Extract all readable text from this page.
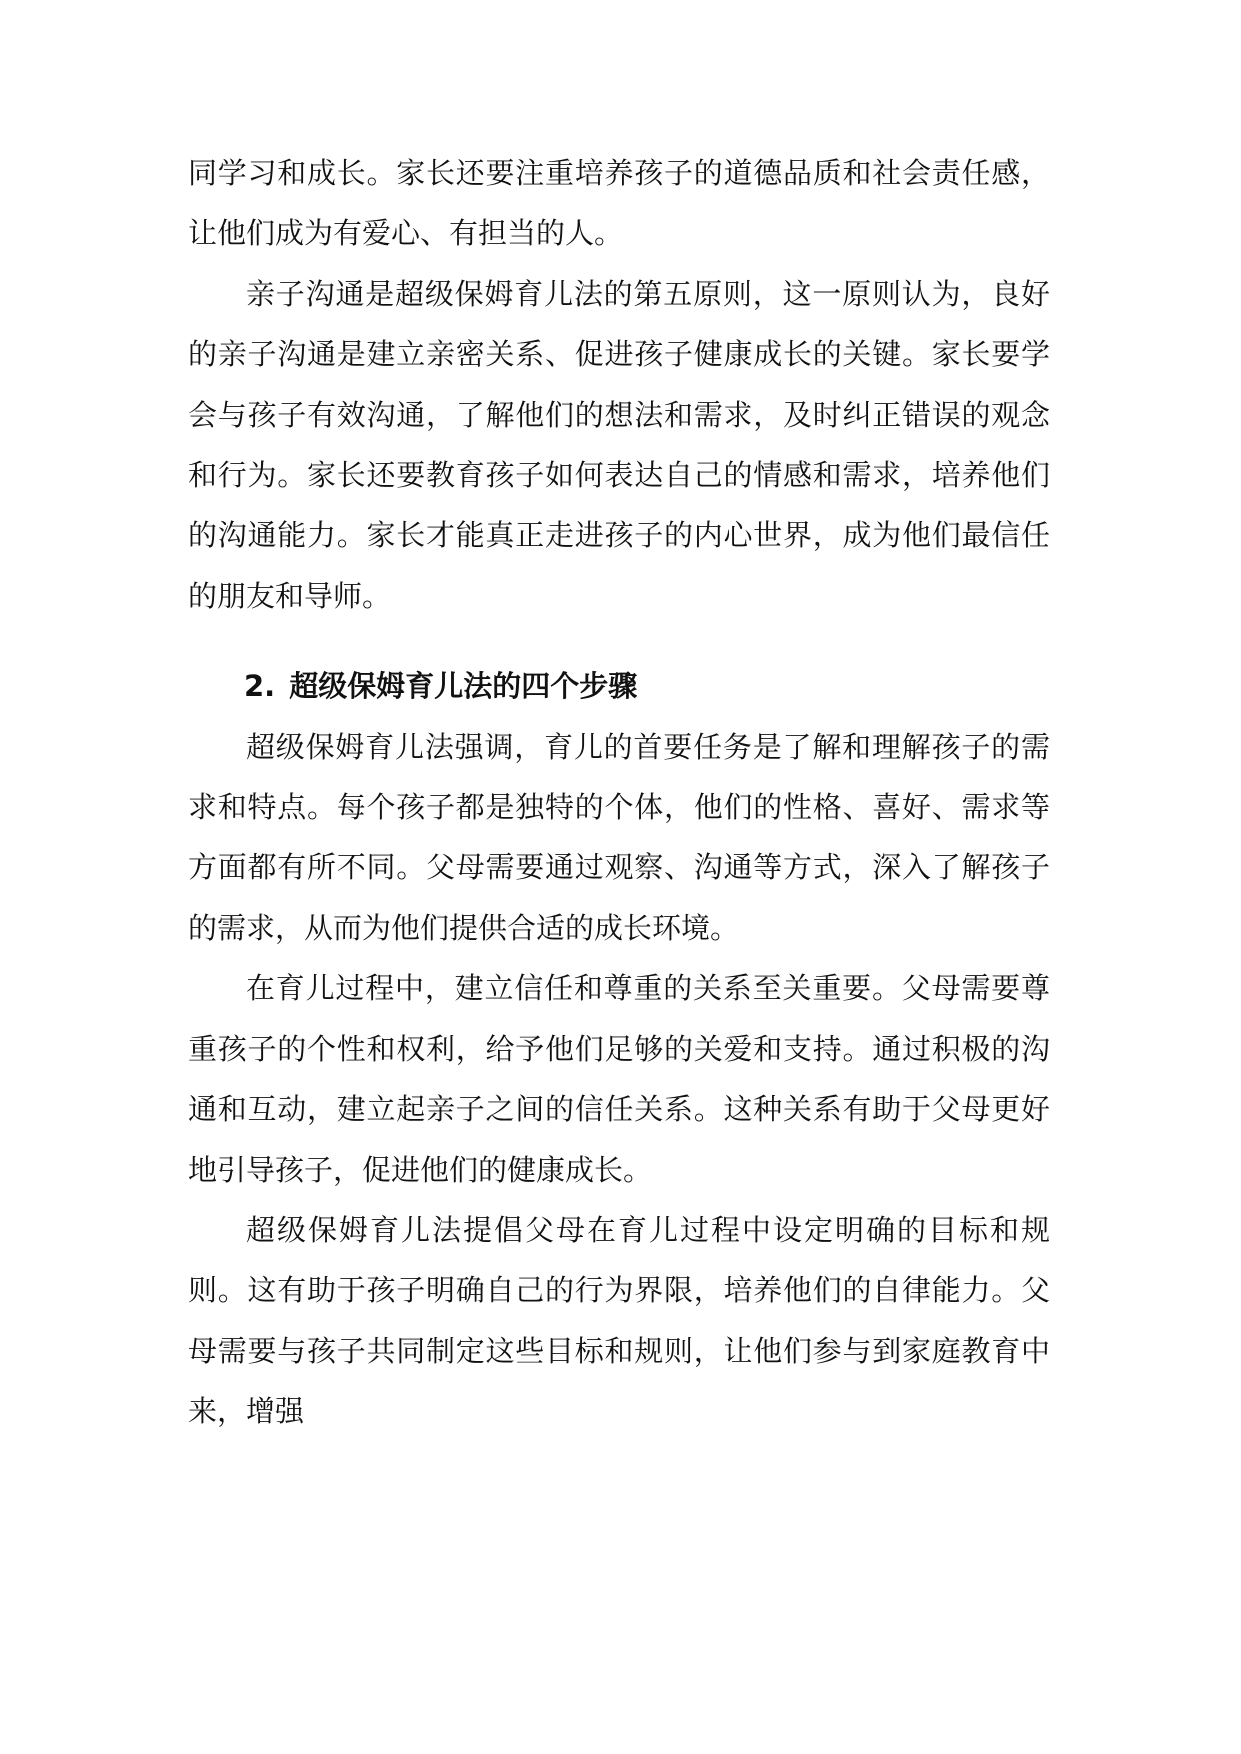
同学习和成长。家长还要注重培养孩子的道德品质和社会责任感，让他们成为有爱心、有担当的人。

亲子沟通是超级保姆育儿法的第五原则，这一原则认为，良好的亲子沟通是建立亲密关系、促进孩子健康成长的关键。家长要学会与孩子有效沟通，了解他们的想法和需求，及时纠正错误的观念和行为。家长还要教育孩子如何表达自己的情感和需求，培养他们的沟通能力。家长才能真正走进孩子的内心世界，成为他们最信任的朋友和导师。

2. 超级保姆育儿法的四个步骤

超级保姆育儿法强调，育儿的首要任务是了解和理解孩子的需求和特点。每个孩子都是独特的个体，他们的性格、喜好、需求等方面都有所不同。父母需要通过观察、沟通等方式，深入了解孩子的需求，从而为他们提供合适的成长环境。

在育儿过程中，建立信任和尊重的关系至关重要。父母需要尊重孩子的个性和权利，给予他们足够的关爱和支持。通过积极的沟通和互动，建立起亲子之间的信任关系。这种关系有助于父母更好地引导孩子，促进他们的健康成长。

超级保姆育儿法提倡父母在育儿过程中设定明确的目标和规则。这有助于孩子明确自己的行为界限，培养他们的自律能力。父母需要与孩子共同制定这些目标和规则，让他们参与到家庭教育中来，增强
